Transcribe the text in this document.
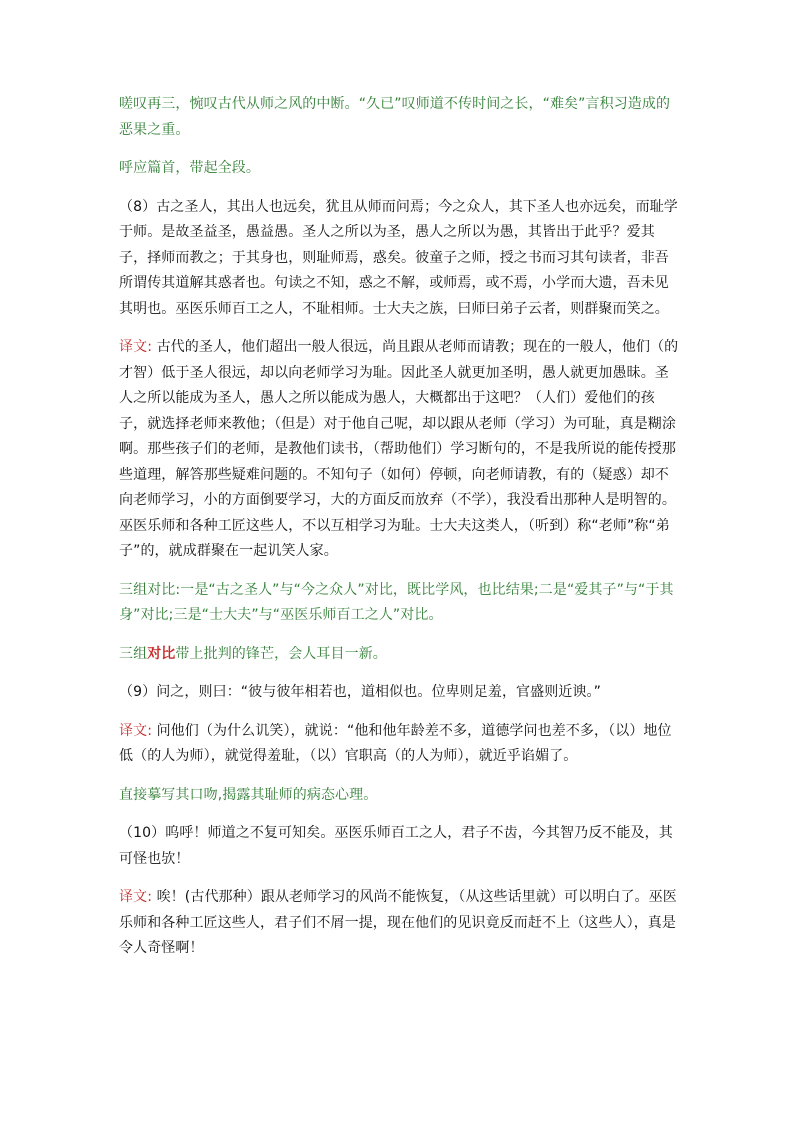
嗟叹再三，惋叹古代从师之风的中断。“久已”叹师道不传时间之长，“难矣”言积习造成的恶果之重。

呼应篇首，带起全段。

（8）古之圣人，其出人也远矣，犹且从师而问焉；今之众人，其下圣人也亦远矣，而耻学于师。是故圣益圣，愚益愚。圣人之所以为圣，愚人之所以为愚，其皆出于此乎？爱其子，择师而教之；于其身也，则耻师焉，惑矣。彼童子之师，授之书而习其句读者，非吾所谓传其道解其惑者也。句读之不知，惑之不解，或师焉，或不焉，小学而大遗，吾未见其明也。巫医乐师百工之人，不耻相师。士大夫之族，曰师曰弟子云者，则群聚而笑之。

译文: 古代的圣人，他们超出一般人很远，尚且跟从老师而请教；现在的一般人，他们（的才智）低于圣人很远，却以向老师学习为耻。因此圣人就更加圣明，愚人就更加愚昧。圣人之所以能成为圣人，愚人之所以能成为愚人，大概都出于这吧？（人们）爱他们的孩子，就选择老师来教他；（但是）对于他自己呢，却以跟从老师（学习）为可耻，真是糊涂啊。那些孩子们的老师，是教他们读书，（帮助他们）学习断句的，不是我所说的能传授那些道理，解答那些疑难问题的。不知句子（如何）停顿，向老师请教，有的（疑惑）却不向老师学习，小的方面倒要学习，大的方面反而放弃（不学），我没看出那种人是明智的。巫医乐师和各种工匠这些人，不以互相学习为耻。士大夫这类人，（听到）称“老师”称“弟子”的，就成群聚在一起讥笑人家。

三组对比:一是“古之圣人”与“今之众人”对比，既比学风，也比结果;二是“爱其子”与“于其身”对比;三是“士大夫”与“巫医乐师百工之人”对比。

三组对比带上批判的锋芒，会人耳目一新。

（9）问之，则曰：“彼与彼年相若也，道相似也。位卑则足羞，官盛则近谀。”

译文: 问他们（为什么讥笑），就说：“他和他年龄差不多，道德学问也差不多，（以）地位低（的人为师），就觉得羞耻，（以）官职高（的人为师），就近乎谄媚了。

直接摹写其口吻,揭露其耻师的病态心理。

（10）呜呼！师道之不复可知矣。巫医乐师百工之人，君子不齿，今其智乃反不能及，其可怪也欤！

译文: 唉！(古代那种）跟从老师学习的风尚不能恢复，（从这些话里就）可以明白了。巫医乐师和各种工匠这些人，君子们不屑一提，现在他们的见识竟反而赶不上（这些人），真是令人奇怪啊！
